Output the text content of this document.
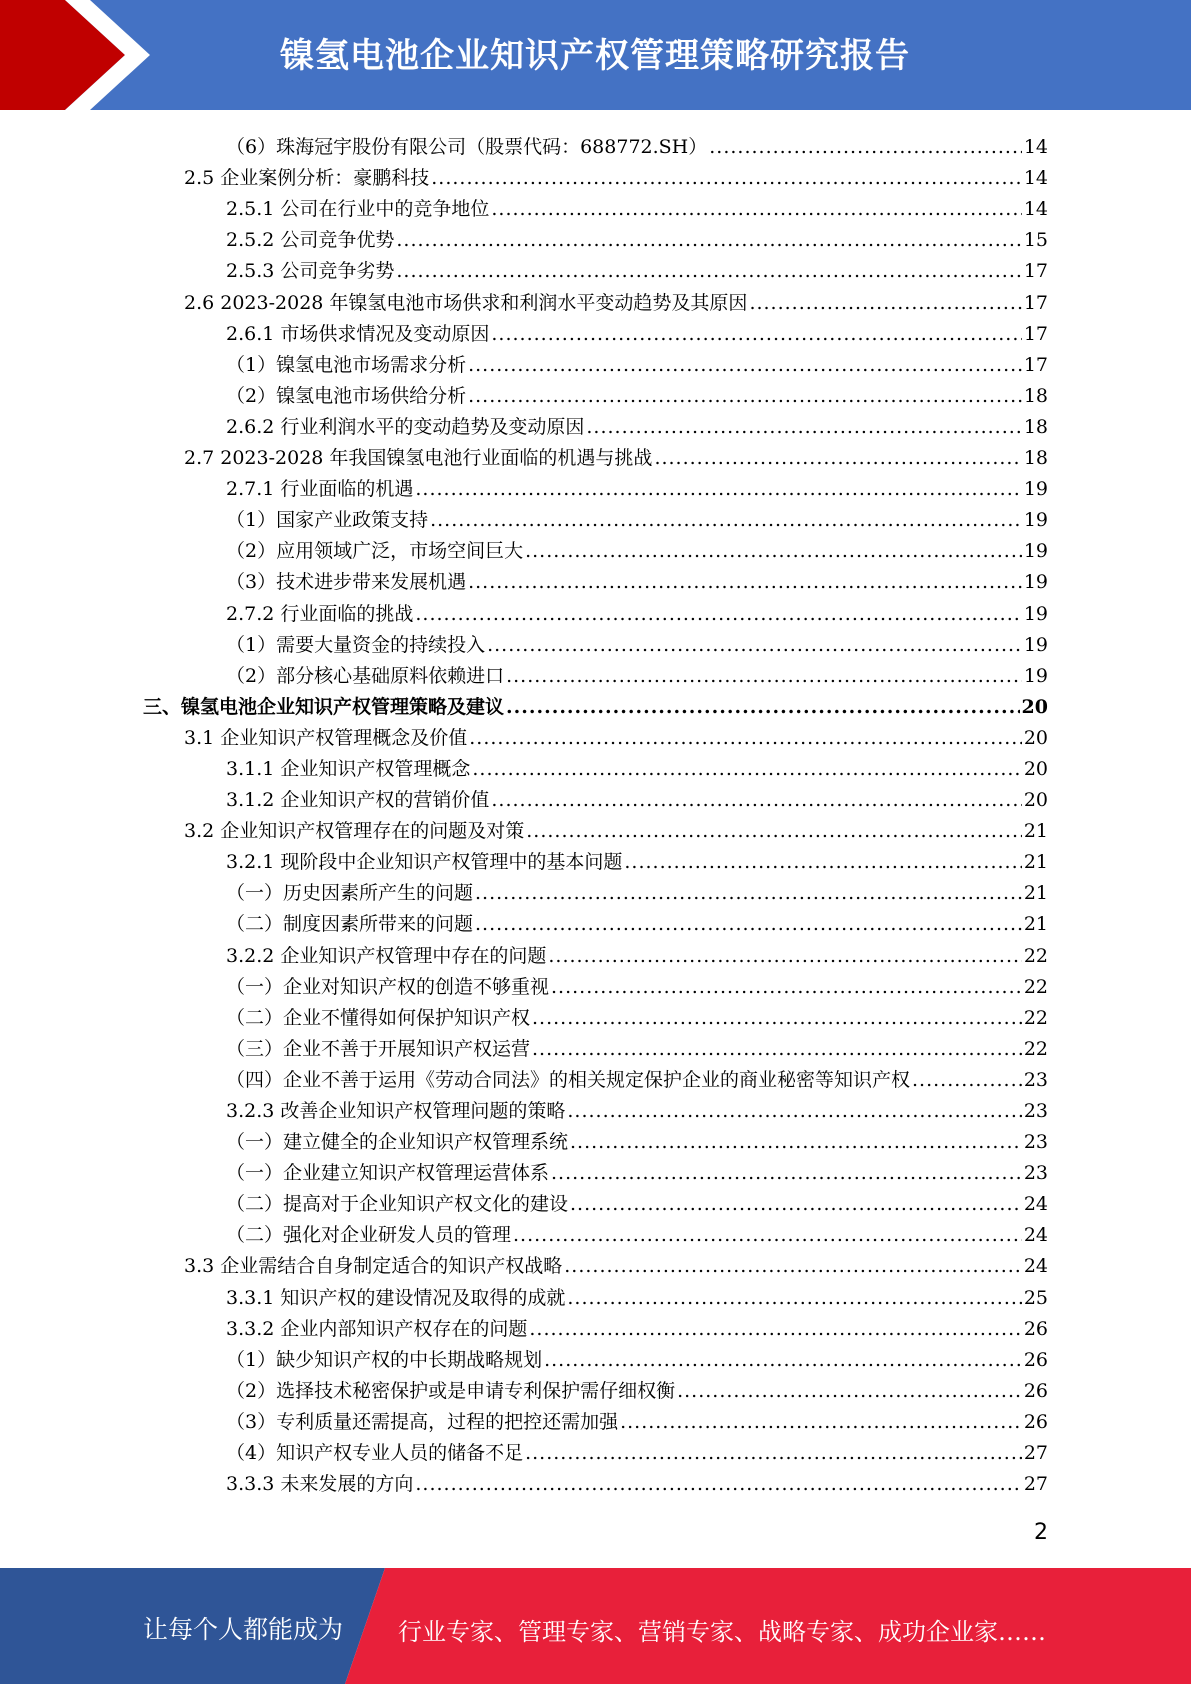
镍氢电池企业知识产权管理策略研究报告
（6）珠海冠宇股份有限公司（股票代码：688772.SH） .....	14
2.5 企业案例分析：豪鹏科技 .....	14
2.5.1 公司在行业中的竞争地位 .....	14
2.5.2 公司竞争优势 .....	15
2.5.3 公司竞争劣势 .....	17
2.6 2023-2028 年镍氢电池市场供求和利润水平变动趋势及其原因 .....	17
2.6.1 市场供求情况及变动原因 .....	17
（1）镍氢电池市场需求分析 .....	17
（2）镍氢电池市场供给分析 .....	18
2.6.2 行业利润水平的变动趋势及变动原因 .....	18
2.7 2023-2028 年我国镍氢电池行业面临的机遇与挑战 .....	18
2.7.1 行业面临的机遇 .....	19
（1）国家产业政策支持 .....	19
（2）应用领域广泛，市场空间巨大 .....	19
（3）技术进步带来发展机遇 .....	19
2.7.2 行业面临的挑战 .....	19
（1）需要大量资金的持续投入 .....	19
（2）部分核心基础原料依赖进口 .....	19
三、镍氢电池企业知识产权管理策略及建议 .....	20
3.1 企业知识产权管理概念及价值 .....	20
3.1.1 企业知识产权管理概念 .....	20
3.1.2 企业知识产权的营销价值 .....	20
3.2 企业知识产权管理存在的问题及对策 .....	21
3.2.1 现阶段中企业知识产权管理中的基本问题 .....	21
（一）历史因素所产生的问题 .....	21
（二）制度因素所带来的问题 .....	21
3.2.2 企业知识产权管理中存在的问题 .....	22
（一）企业对知识产权的创造不够重视 .....	22
（二）企业不懂得如何保护知识产权 .....	22
（三）企业不善于开展知识产权运营 .....	22
（四）企业不善于运用《劳动合同法》的相关规定保护企业的商业秘密等知识产权 .....	23
3.2.3 改善企业知识产权管理问题的策略 .....	23
（一）建立健全的企业知识产权管理系统 .....	23
（一）企业建立知识产权管理运营体系 .....	23
（二）提高对于企业知识产权文化的建设 .....	24
（二）强化对企业研发人员的管理 .....	24
3.3 企业需结合自身制定适合的知识产权战略 .....	24
3.3.1 知识产权的建设情况及取得的成就 .....	25
3.3.2 企业内部知识产权存在的问题 .....	26
（1）缺少知识产权的中长期战略规划 .....	26
（2）选择技术秘密保护或是申请专利保护需仔细权衡 .....	26
（3）专利质量还需提高，过程的把控还需加强 .....	26
（4）知识产权专业人员的储备不足 .....	27
3.3.3 未来发展的方向 .....	27
2
让每个人都能成为 行业专家、管理专家、营销专家、战略专家、成功企业家……
